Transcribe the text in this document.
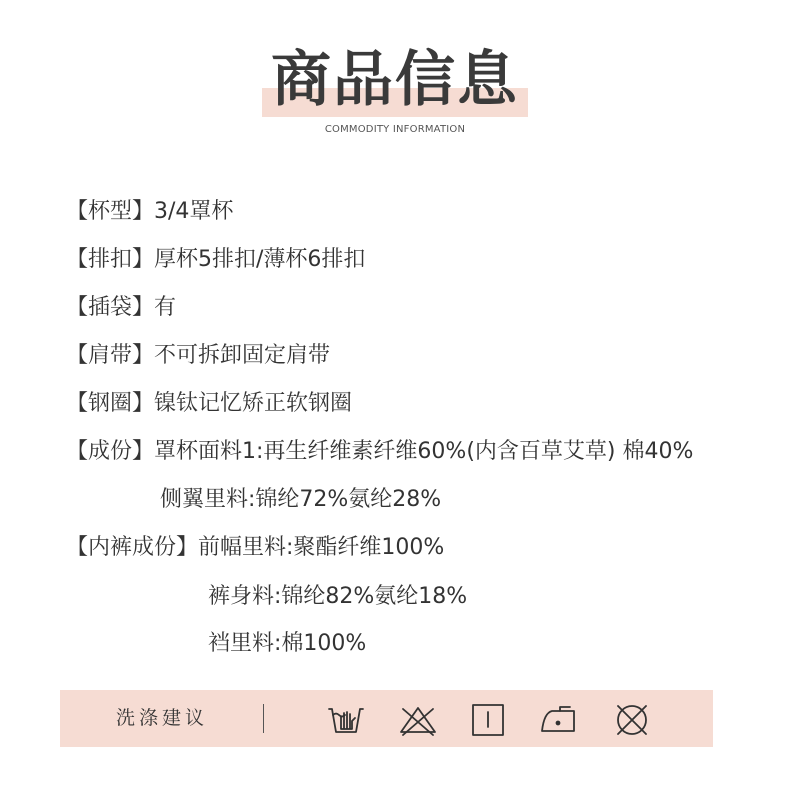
商品信息
COMMODITY INFORMATION
【杯型】3/4罩杯
【排扣】厚杯5排扣/薄杯6排扣
【插袋】有
【肩带】不可拆卸固定肩带
【钢圈】镍钛记忆矫正软钢圈
【成份】罩杯面料1:再生纤维素纤维60%(内含百草艾草) 棉40%
侧翼里料:锦纶72%氨纶28%
【内裤成份】前幅里料:聚酯纤维100%
裤身料:锦纶82%氨纶18%
裆里料:棉100%
洗涤建议
